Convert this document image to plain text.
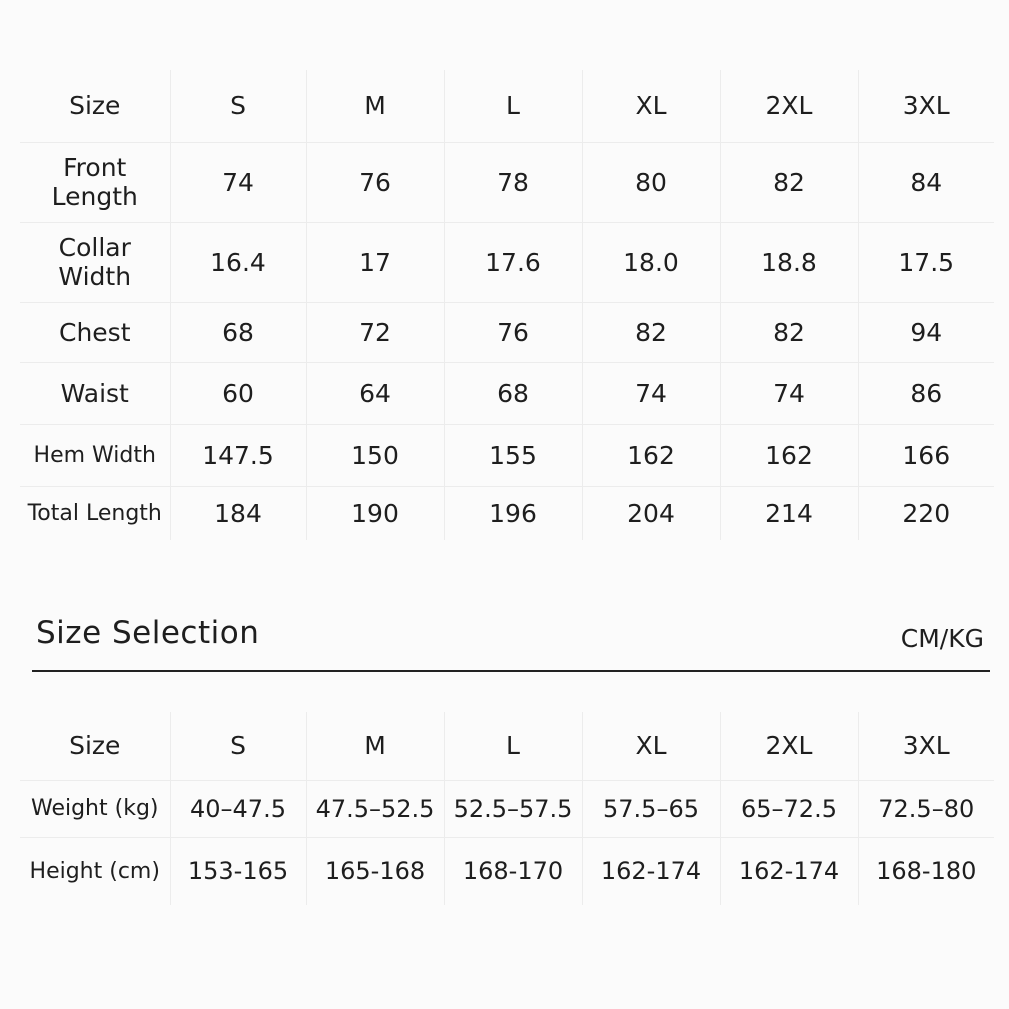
Size	S	M	L	XL	2XL	3XL
Front
Length	74	76	78	80	82	84
Collar
Width	16.4	17	17.6	18.0	18.8	17.5
Chest	68	72	76	82	82	94
Waist	60	64	68	74	74	86
Hem Width	147.5	150	155	162	162	166
Total Length	184	190	196	204	214	220
Size Selection	CM/KG
Size	S	M	L	XL	2XL	3XL
Weight (kg)	40–47.5	47.5–52.5	52.5–57.5	57.5–65	65–72.5	72.5–80
Height (cm)	153-165	165-168	168-170	162-174	162-174	168-180
